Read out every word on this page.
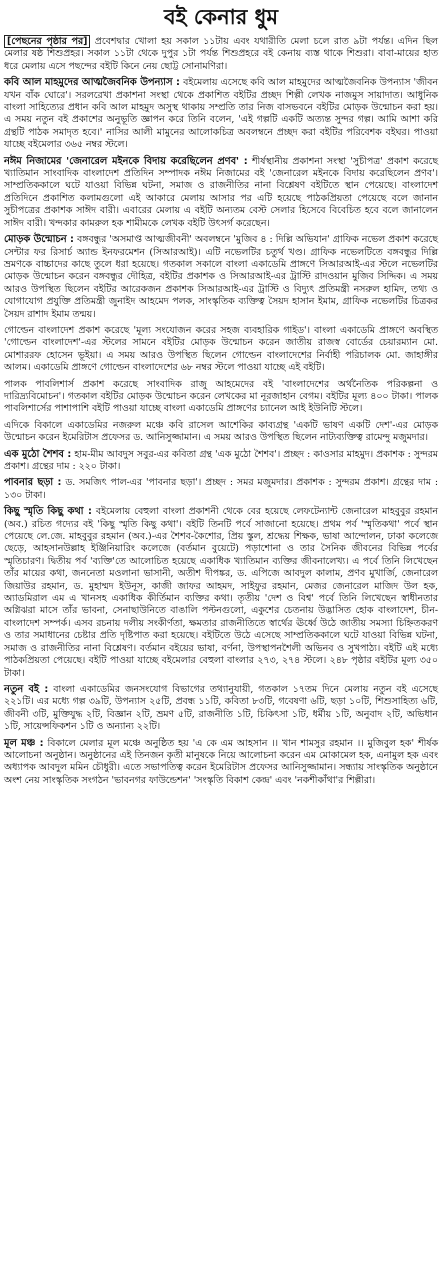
বই কেনার ধুম

[পেছনের পৃষ্ঠার পর] প্রবেশদ্বার খোলা হয় সকাল ১১টায় এবং যথারীতি মেলা চলে রাত ৯টা পর্যন্ত। এদিন ছিল মেলার ষষ্ঠ শিশুপ্রহর। সকাল ১১টা থেকে দুপুর ১টা পর্যন্ত শিশুপ্রহরে বই কেনায় ব্যস্ত থাকে শিশুরা। বাবা-মায়ের হাত ধরে মেলায় এসে পছন্দের বইটি কিনে নেয় ছোট্ট সোনামণিরা।

কবি আল মাহমুদের আত্মজৈবনিক উপন্যাস : বইমেলায় এসেছে কবি আল মাহমুদের আত্মজৈবনিক উপন্যাস 'জীবন যখন বাঁক ঘোরে'। সরলরেখা প্রকাশনা সংস্থা থেকে প্রকাশিত বইটির প্রচ্ছদ শিল্পী লেখক নাজমুস সায়াদাত। আধুনিক বাংলা সাহিত্যের প্রধান কবি আল মাহমুদ অসুস্থ থাকায় সম্প্রতি তার নিজ বাসভবনে বইটির মোড়ক উন্মোচন করা হয়। এ সময় নতুন বই প্রকাশের অনুভূতি জ্ঞাপন করে তিনি বলেন, 'এই গল্পটি একটি অত্যন্ত সুন্দর গল্প। আমি আশা করি গ্রন্থটি পাঠক সমাদৃত হবে।' নাসির আলী মামুনের আলোকচিত্র অবলম্বনে প্রচ্ছদ করা বইটির পরিবেশক বইঘর। পাওয়া যাচ্ছে বইমেলার ৩৬৫ নম্বর স্টলে।

নঈম নিজামের 'জেনারেল মইনকে বিদায় করেছিলেন প্রণব' : শীর্ষস্থানীয় প্রকাশনা সংস্থা 'সুচীপত্র' প্রকাশ করেছে খ্যাতিমান সাংবাদিক বাংলাদেশ প্রতিদিন সম্পাদক নঈম নিজামের বই 'জেনারেল মইনকে বিদায় করেছিলেন প্রণব'। সাম্প্রতিককালে ঘটে যাওয়া বিভিন্ন ঘটনা, সমাজ ও রাজনীতির নানা বিশ্লেষণ বইটিতে স্থান পেয়েছে। বাংলাদেশ প্রতিদিনে প্রকাশিত কলামগুলো এই আকারে মেলায় আসার পর এটি হয়েছে পাঠকপ্রিয়তা পেয়েছে বলে জানান সুচীপত্রের প্রকাশক সাঈদ বারী। এবারের মেলায় এ বইটি অন্যতম বেস্ট সেলার হিসেবে বিবেচিত হবে বলে জানালেন সাঈদ বারী। খন্দকার কামরুল হক শামীমকে লেখক বইটি উৎসর্গ করেছেন।

মোড়ক উন্মোচন : বঙ্গবন্ধুর 'অসমাপ্ত আত্মজীবনী' অবলম্বনে 'মুজিব ৪ : দিল্লি অভিযান' গ্রাফিক নভেল প্রকাশ করেছে সেন্টার ফর রিসার্চ অ্যান্ড ইনফরমেশন (সিআরআই)। এটি নভেলটির চতুর্থ খণ্ড। গ্রাফিক নভেলটিতে বঙ্গবন্ধুর দিল্লি ভ্রমণকে বাচ্চাদের কাছে তুলে ধরা হয়েছে। গতকাল সকালে বাংলা একাডেমি প্রাঙ্গণে সিআরআই-এর স্টলে নভেলটির মোড়ক উন্মোচন করেন বঙ্গবন্ধুর দৌহিত্র, বইটির প্রকাশক ও সিআরআই-এর ট্রাস্টি রাদওয়ান মুজিব সিদ্দিক। এ সময় আরও উপস্থিত ছিলেন বইটির আরেকজন প্রকাশক সিআরআই-এর ট্রাস্টি ও বিদ্যুৎ প্রতিমন্ত্রী নসরুল হামিদ, তথ্য ও যোগাযোগ প্রযুক্তি প্রতিমন্ত্রী জুনাইদ আহমেদ পলক, সাংস্কৃতিক ব্যক্তিত্ব সৈয়দ হাসান ইমাম, গ্রাফিক নভেলটির চিত্রকর সৈয়দ রাশাদ ইমাম তন্ময়।

গোল্ডেন বাংলাদেশ প্রকাশ করেছে 'মূল্য সংযোজন করের সহজ ব্যবহারিক গাইড'। বাংলা একাডেমি প্রাঙ্গণে অবস্থিত 'গোল্ডেন বাংলাদেশ'-এর স্টলের সামনে বইটির মোড়ক উন্মোচন করেন জাতীয় রাজস্ব বোর্ডের চেয়ারম্যান মো. মোশাররফ হোসেন ভূইয়া। এ সময় আরও উপস্থিত ছিলেন গোল্ডেন বাংলাদেশের নির্বাহী পরিচালক মো. জাহাঙ্গীর আলম। একাডেমি প্রাঙ্গণে গোল্ডেন বাংলাদেশের ৬৮ নম্বর স্টলে পাওয়া যাচ্ছে এই বইটি।

পালক পাবলিশার্স প্রকাশ করেছে সাংবাদিক রাজু আহমেদের বই 'বাংলাদেশের অর্থনৈতিক পরিকল্পনা ও দারিদ্র্যবিমোচন'। গতকাল বইটির মোড়ক উন্মোচন করেন লেখকের মা নূরজাহান বেগম। বইটির মূল্য ৪০০ টাকা। পালক পাবলিশার্সের পাশাপাশি বইটি পাওয়া যাচ্ছে বাংলা একাডেমি প্রাঙ্গণের চ্যানেল আই ইউনিটি স্টলে।

এদিকে বিকালে একাডেমির নজরুল মঞ্চে কবি রাসেল আশেকির কাব্যগ্রন্থ 'একটি ভাষণ একটি দেশ'-এর মোড়ক উন্মোচন করেন ইমেরিটাস প্রফেসর ড. আনিসুজ্জামান। এ সময় আরও উপস্থিত ছিলেন নাট্যব্যক্তিত্ব রামেন্দু মজুমদার।

এক মুঠো শৈশব : হাম-মীম আবদুস সবুর-এর কবিতা গ্রন্থ 'এক মুঠো শৈশব'। প্রচ্ছদ : কাওসার মাহমুদ। প্রকাশক : সুন্দরম প্রকাশ। গ্রন্থের দাম : ২২০ টাকা।

পাবনার ছড়া : ড. সমজিৎ পাল-এর 'পাবনার ছড়া'। প্রচ্ছদ : সমর মজুমদার। প্রকাশক : সুন্দরম প্রকাশ। গ্রন্থের দাম : ১৩০ টাকা।

কিছু স্মৃতি কিছু কথা : বইমেলায় বেহুলা বাংলা প্রকাশনী থেকে বের হয়েছে লেফটেন্যান্ট জেনারেল মাহবুবুর রহমান (অব.) রচিত গদ্যের বই 'কিছু স্মৃতি কিছু কথা'। বইটি তিনটি পর্বে সাজানো হয়েছে। প্রথম পর্ব 'স্মৃতিকথা' পর্বে স্থান পেয়েছে লে.জে. মাহবুবুর রহমান (অব.)-এর শৈশব-কৈশোর, প্রিয় স্কুল, শ্রদ্ধেয় শিক্ষক, ভাষা আন্দোলন, ঢাকা কলেজে ছেড়ে, আহসানউল্লাহ ইঞ্জিনিয়ারিং কলেজে (বর্তমান বুয়েটে) পড়াশোনা ও তার সৈনিক জীবনের বিভিন্ন পর্বের স্মৃতিচারণ। দ্বিতীয় পর্ব 'ব্যক্তি'তে আলোচিত হয়েছে একাধিক খ্যাতিমান ব্যক্তির জীবনালেখ্য। এ পর্বে তিনি লিখেছেন তাঁর মায়ের কথা, জননেতা মওলানা ভাসানী, অতীশ দীপঙ্কর, ড. এপিজে আবদুল কালাম, প্রণব মুখার্জি, জেনারেল জিয়াউর রহমান, ড. মুহাম্মদ ইউনূস, কাজী জাফর আহমদ, সাইফুর রহমান, মেজর জেনারেল মাজিদ উল হক, অ্যাডমিরাল এম এ খানসহ একাধিক কীর্তিমান ব্যক্তির কথা। তৃতীয় 'দেশ ও বিশ্ব' পর্বে তিনি লিখেছেন স্বাধীনতার অগ্নিঝরা মাসে তাঁর ভাবনা, সেনাছাউনিতে বাঙালি পল্টনগুলো, একুশের চেতনায় উদ্ভাসিত হোক বাংলাদেশ, চীন-বাংলাদেশ সম্পর্ক। এসব রচনায় দলীয় সংকীর্ণতা, ক্ষমতার রাজনীতিতে স্বার্থের ঊর্ধ্বে উঠে জাতীয় সমস্যা চিহ্নিতকরণ ও তার সমাধানের চেষ্টার প্রতি দৃষ্টিপাত করা হয়েছে। বইটিতে উঠে এসেছে সাম্প্রতিককালে ঘটে যাওয়া বিভিন্ন ঘটনা, সমাজ ও রাজনীতির নানা বিশ্লেষণ। বর্তমান বইয়ের ভাষা, বর্ণনা, উপস্থাপনশৈলী অভিনব ও সুখপাঠ্য। বইটি এই মধ্যে পাঠকপ্রিয়তা পেয়েছে। বইটি পাওয়া যাচ্ছে বইমেলার বেহুলা বাংলার ২৭৩, ২৭৪ স্টলে। ২৪৮ পৃষ্ঠার বইটির মূল্য ৩৫০ টাকা।

নতুন বই : বাংলা একাডেমির জনসংযোগ বিভাগের তথ্যানুযায়ী, গতকাল ১৭তম দিনে মেলায় নতুন বই এসেছে ২২১টি। এর মধ্যে গল্প ৩৯টি, উপন্যাস ২৫টি, প্রবন্ধ ১১টি, কবিতা ৮৩টি, গবেষণা ৬টি, ছড়া ১০টি, শিশুসাহিত্য ৬টি, জীবনী ৩টি, মুক্তিযুদ্ধ ২টি, বিজ্ঞান ২টি, ভ্রমণ ৫টি, রাজনীতি ১টি, চিকিৎসা ১টি, ধর্মীয় ১টি, অনুবাদ ২টি, অভিধান ১টি, সায়েন্সফিকশন ১টি ও অন্যান্য ২২টি।

মূল মঞ্চ : বিকালে মেলার মূল মঞ্চে অনুষ্ঠিত হয় 'এ কে এম আহসান ।। খান শামসুর রহমান ।। মুজিবুল হক' শীর্ষক আলোচনা অনুষ্ঠান। অনুষ্ঠানের এই তিনজন কৃতী মানুষকে নিয়ে আলোচনা করেন এম মোকামেল হক, এনামুল হক এবং অধ্যাপক আবদুল মমিন চৌধুরী। এতে সভাপতিত্ব করেন ইমেরিটাস প্রফেসর আনিসুজ্জামান। সন্ধ্যায় সাংস্কৃতিক অনুষ্ঠানে অংশ নেয় সাংস্কৃতিক সংগঠন 'ভাবনগর ফাউন্ডেশন' 'সংস্কৃতি বিকাশ কেন্দ্র' এবং 'নকশীকাঁথা'র শিল্পীরা।
